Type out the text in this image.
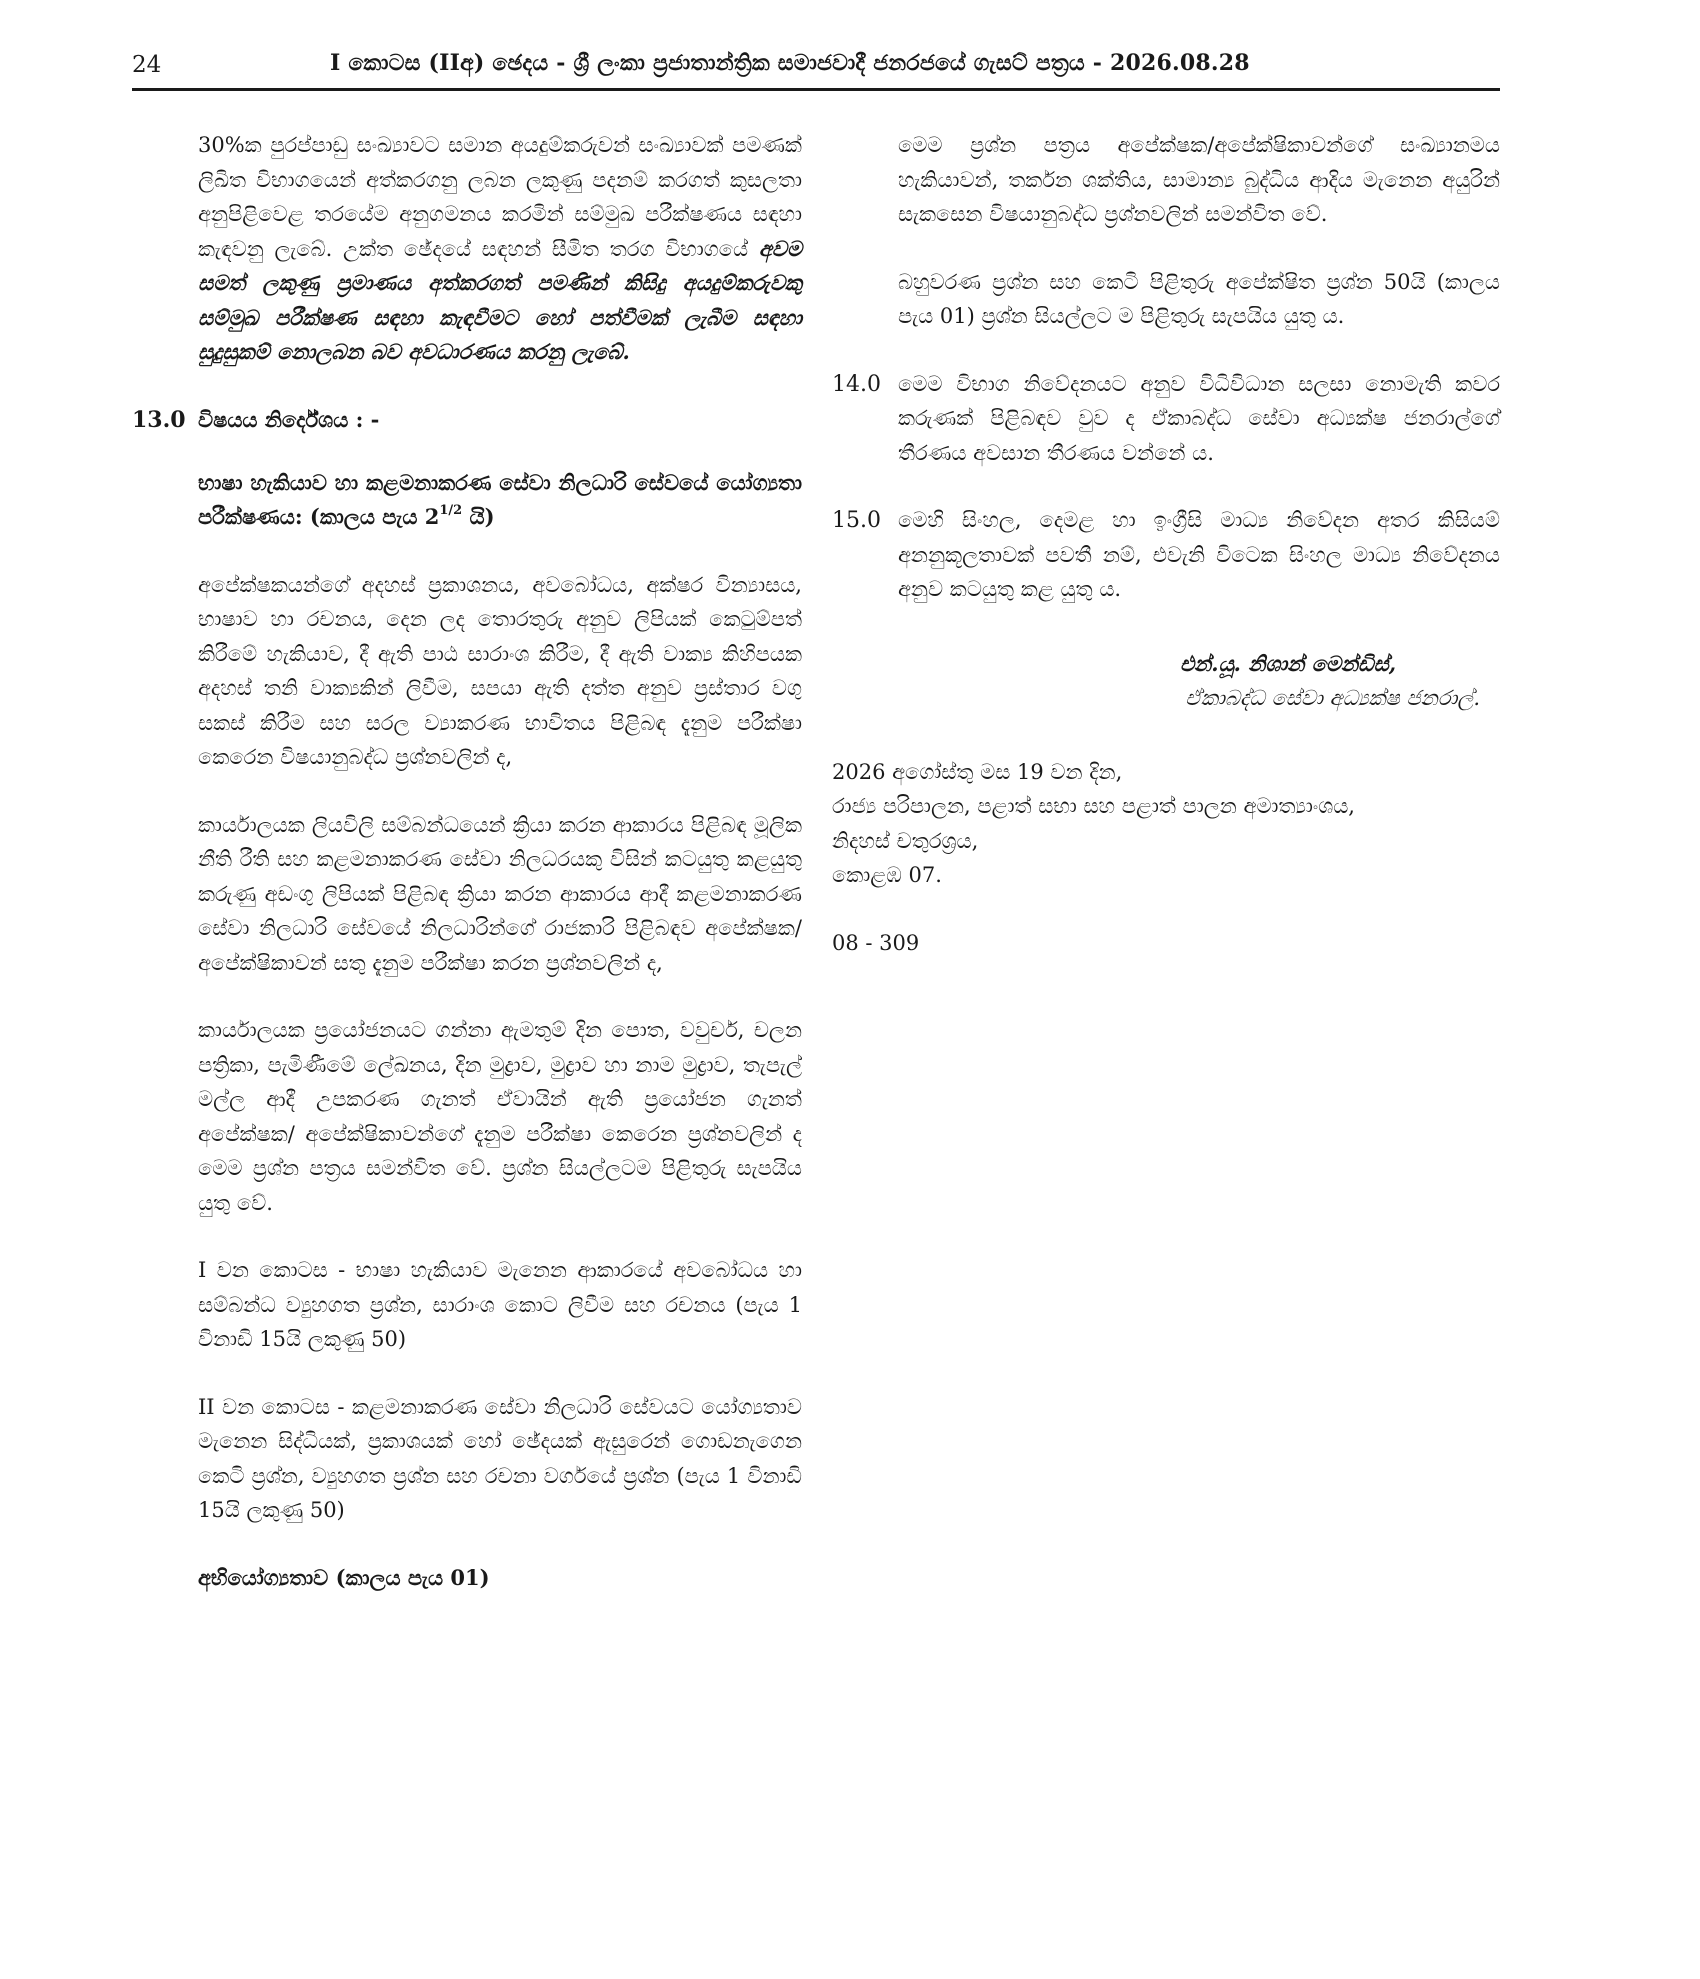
24	I කොටස (IIඅ) ඡෙදය - ශ්‍රී ලංකා ප්‍රජාතාන්ත්‍රික සමාජවාදී ජනරජයේ ගැසට් පත්‍රය - 2026.08.28

30%ක පුරප්පාඩු සංඛ්‍යාවට සමාන අයදුම්කරුවන් සංඛ්‍යාවක් පමණක් ලිඛිත විභාගයෙන් අත්කරගනු ලබන ලකුණු පදනම් කරගත් කුසලතා අනුපිළිවෙළ තරයේම අනුගමනය කරමින් සම්මුඛ පරීක්ෂණය සඳහා කැඳවනු ලැබේ. උක්ත ඡේදයේ සඳහන් සීමිත තරග විභාගයේ අවම සමත් ලකුණු ප්‍රමාණය අත්කරගත් පමණින් කිසිදු අයදුම්කරුවකු සම්මුඛ පරීක්ෂණ සඳහා කැඳවීමට හෝ පත්වීමක් ලැබීම සඳහා සුදුසුකම් නොලබන බව අවධාරණය කරනු ලැබේ.

13.0 විෂයය නිර්දේශය : -

භාෂා හැකියාව හා කළමනාකරණ සේවා නිලධාරි සේවයේ යෝග්‍යතා පරීක්ෂණය: (කාලය පැය $2^{1/2}$ යි)

අපේක්ෂකයන්ගේ අදහස් ප්‍රකාශනය, අවබෝධය, අක්ෂර වින්‍යාසය, භාෂාව හා රචනය, දෙන ලද තොරතුරු අනුව ලිපියක් කෙටුම්පත් කිරීමේ හැකියාව, දී ඇති පාඨ සාරාංශ කිරීම, දී ඇති වාක්‍ය කිහිපයක අදහස් තනි වාක්‍යකින් ලිවීම, සපයා ඇති දත්ත අනුව ප්‍රස්තාර වගු සකස් කිරීම සහ සරල ව්‍යාකරණ භාවිතය පිළිබඳ දැනුම පරීක්ෂා කෙරෙන විෂයානුබද්ධ ප්‍රශ්නවලින් ද,

කාර්යාලයක ලියවිලි සම්බන්ධයෙන් ක්‍රියා කරන ආකාරය පිළිබඳ මූලික නීති රීති සහ කළමනාකරණ සේවා නිලධරයකු විසින් කටයුතු කළයුතු කරුණු අඩංගු ලිපියක් පිළිබඳ ක්‍රියා කරන ආකාරය ආදී කළමනාකරණ සේවා නිලධාරි සේවයේ නිලධාරින්ගේ රාජකාරි පිළිබඳව අපේක්ෂක/අපේක්ෂිකාවන් සතු දැනුම පරීක්ෂා කරන ප්‍රශ්නවලින් ද,

කාර්යාලයක ප්‍රයෝජනයට ගන්නා ඇමතුම් දින පොත, වවුචර්, චලන පත්‍රිකා, පැමිණීමේ ලේඛනය, දින මුද්‍රාව, මුද්‍රාව හා නාම මුද්‍රාව, තැපැල් මල්ල ආදී උපකරණ ගැනත් ඒවායින් ඇති ප්‍රයෝජන ගැනත් අපේක්ෂක/ අපේක්ෂිකාවන්ගේ දැනුම පරීක්ෂා කෙරෙන ප්‍රශ්නවලින් ද මෙම ප්‍රශ්න පත්‍රය සමන්විත වේ. ප්‍රශ්න සියල්ලටම පිළිතුරු සැපයිය යුතු වේ.

I වන කොටස - භාෂා හැකියාව මැනෙන ආකාරයේ අවබෝධය හා සම්බන්ධ ව්‍යුහගත ප්‍රශ්න, සාරාංශ කොට ලිවීම සහ රචනය (පැය 1 විනාඩි 15යි ලකුණු 50)

II වන කොටස - කළමනාකරණ සේවා නිලධාරි සේවයට යෝග්‍යතාව මැනෙන සිද්ධියක්, ප්‍රකාශයක් හෝ ඡේදයක් ඇසුරෙන් ගොඩනැගෙන කෙටි ප්‍රශ්න, ව්‍යුහගත ප්‍රශ්න සහ රචනා වර්ගයේ ප්‍රශ්න (පැය 1 විනාඩි 15යි ලකුණු 50)

අභියෝග්‍යතාව (කාලය පැය 01)

මෙම ප්‍රශ්න පත්‍රය අපේක්ෂක/අපේක්ෂිකාවන්ගේ සංඛ්‍යානමය හැකියාවන්, තර්කන ශක්තිය, සාමාන්‍ය බුද්ධිය ආදිය මැනෙන අයුරින් සැකසෙන විෂයානුබද්ධ ප්‍රශ්නවලින් සමන්විත වේ.

බහුවරණ ප්‍රශ්න සහ කෙටි පිළිතුරු අපේක්ෂිත ප්‍රශ්න 50යි (කාලය පැය 01) ප්‍රශ්න සියල්ලට ම පිළිතුරු සැපයිය යුතු ය.

14.0 මෙම විභාග නිවේදනයට අනුව විධිවිධාන සලසා නොමැති කවර කරුණක් පිළිබඳව වුව ද ඒකාබද්ධ සේවා අධ්‍යක්ෂ ජනරාල්ගේ තීරණය අවසාන තීරණය වන්නේ ය.
15.0 මෙහි සිංහල, දෙමළ හා ඉංග්‍රීසි මාධ්‍ය නිවේදන අතර කිසියම් අනනුකූලතාවක් පවතී නම්, එවැනි විටෙක සිංහල මාධ්‍ය නිවේදනය අනුව කටයුතු කළ යුතු ය.
එන්.යූ. නිශාන් මෙන්ඩිස්,
ඒකාබද්ධ සේවා අධ්‍යක්ෂ ජනරාල්.

2026 අගෝස්තු මස 19 වන දින,

රාජ්‍ය පරිපාලන, පළාත් සභා සහ පළාත් පාලන අමාත්‍යාංශය,

නිදහස් චතුරශ්‍රය,

කොළඹ 07.

08 - 309
